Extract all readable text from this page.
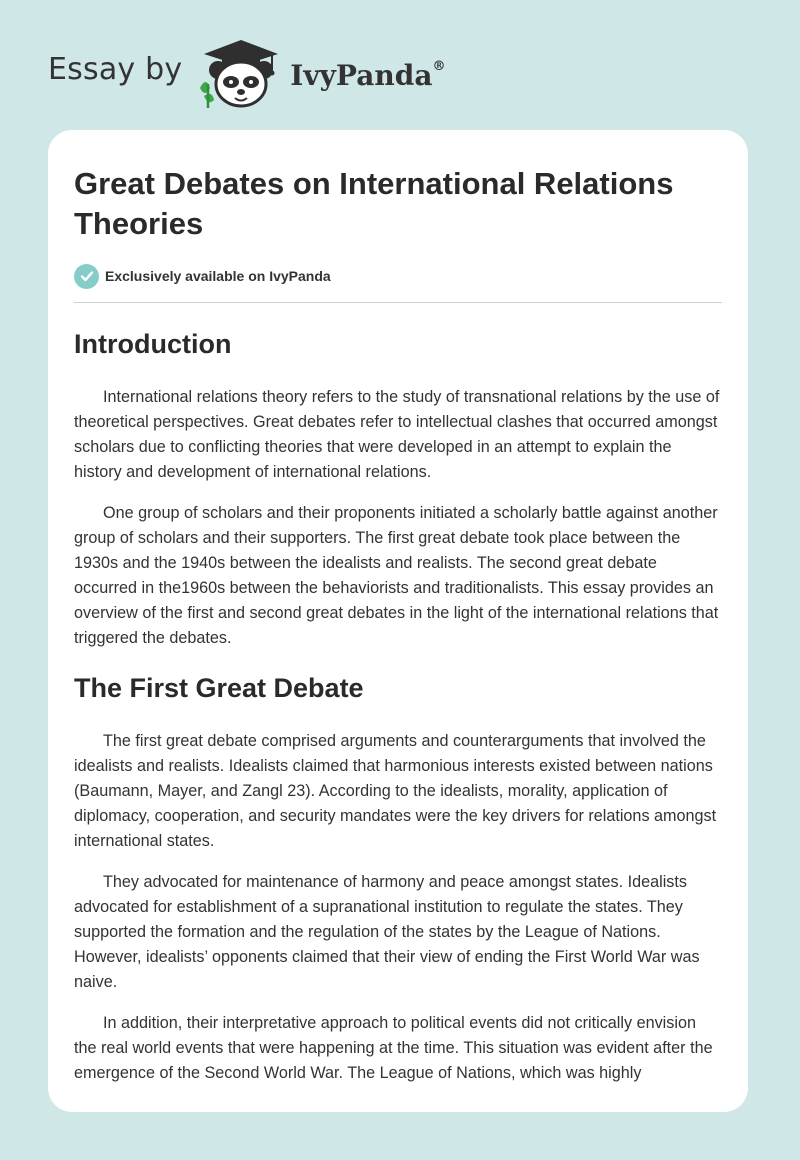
Essay by	IvyPanda®
Great Debates on International Relations Theories
Exclusively available on IvyPanda
Introduction

International relations theory refers to the study of transnational relations by the use of theoretical perspectives. Great debates refer to intellectual clashes that occurred amongst scholars due to conflicting theories that were developed in an attempt to explain the history and development of international relations.

One group of scholars and their proponents initiated a scholarly battle against another group of scholars and their supporters. The first great debate took place between the 1930s and the 1940s between the idealists and realists. The second great debate occurred in the1960s between the behaviorists and traditionalists. This essay provides an overview of the first and second great debates in the light of the international relations that triggered the debates.

The First Great Debate

The first great debate comprised arguments and counterarguments that involved the idealists and realists. Idealists claimed that harmonious interests existed between nations (Baumann, Mayer, and Zangl 23). According to the idealists, morality, application of diplomacy, cooperation, and security mandates were the key drivers for relations amongst international states.

They advocated for maintenance of harmony and peace amongst states. Idealists advocated for establishment of a supranational institution to regulate the states. They supported the formation and the regulation of the states by the League of Nations. However, idealists’ opponents claimed that their view of ending the First World War was naive.

In addition, their interpretative approach to political events did not critically envision the real world events that were happening at the time. This situation was evident after the emergence of the Second World War. The League of Nations, which was highly
